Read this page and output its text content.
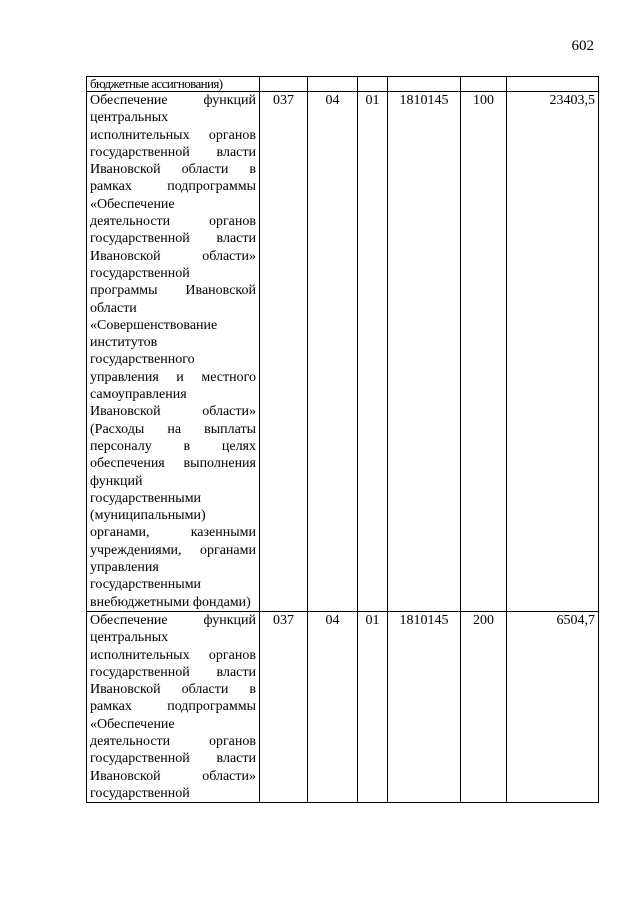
602
бюджетные ассигнования)						
Обеспечение функций центральных исполнительных органов государственной власти Ивановской области в рамках подпрограммы «Обеспечение деятельности органов государственной власти Ивановской области» государственной программы Ивановской области «Совершенствование институтов государственного управления и местного самоуправления Ивановской области» (Расходы на выплаты персоналу в целях обеспечения выполнения функций государственными (муниципальными) органами, казенными учреждениями, органами управления государственными внебюджетными фондами)	037	04	01	1810145	100	23403,5
Обеспечение функций центральных исполнительных органов государственной власти Ивановской области в рамках подпрограммы «Обеспечение деятельности органов государственной власти Ивановской области» государственной	037	04	01	1810145	200	6504,7
